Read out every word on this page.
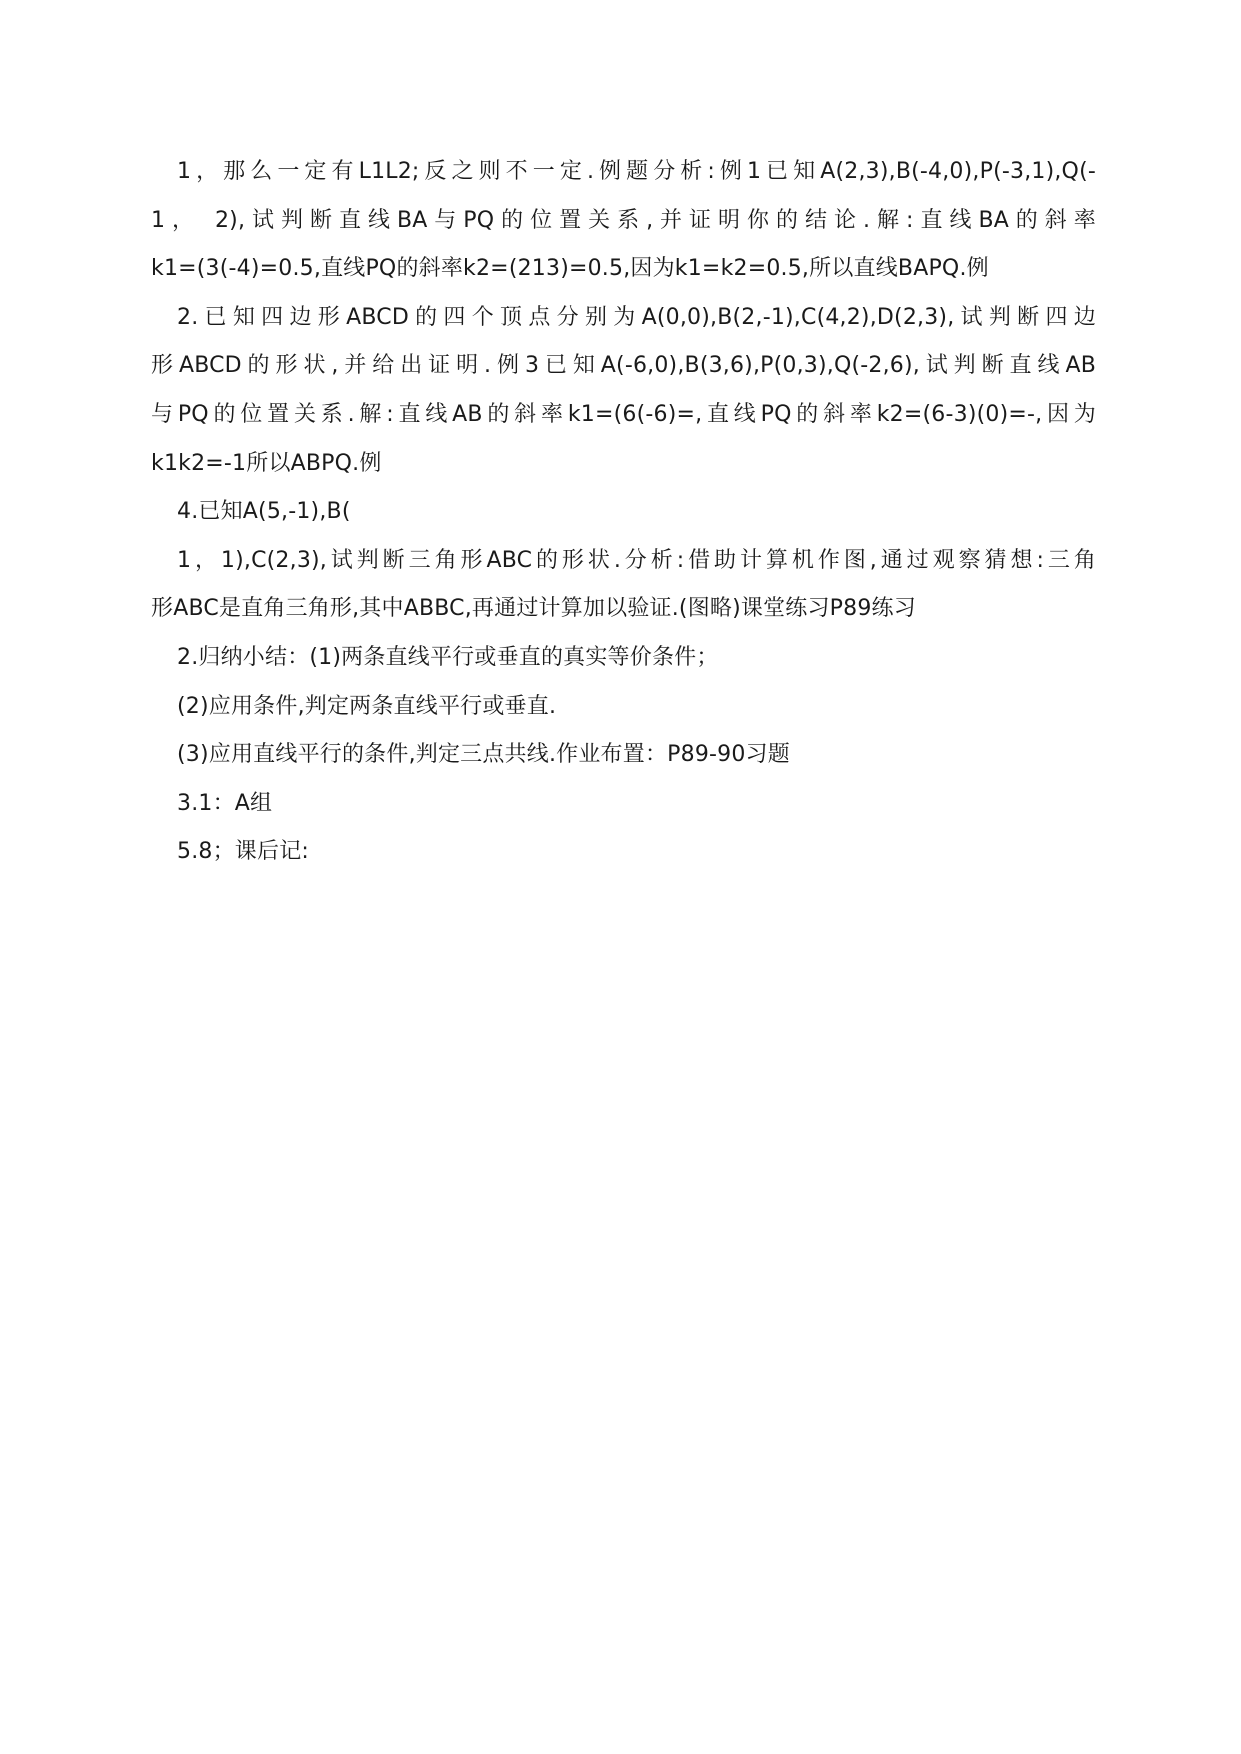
1，那么一定有L1L2;反之则不一定.例题分析:例1已知A(2,3),B(-4,0),P(-3,1),Q(-
1， 2),试判断直线BA与PQ的位置关系,并证明你的结论.解:直线BA的斜率
k1=(3(-4)=0.5,直线PQ的斜率k2=(213)=0.5,因为k1=k2=0.5,所以直线BAPQ.例
2.已知四边形ABCD的四个顶点分别为A(0,0),B(2,-1),C(4,2),D(2,3),试判断四边
形ABCD的形状,并给出证明.例3已知A(-6,0),B(3,6),P(0,3),Q(-2,6),试判断直线AB
与PQ的位置关系.解:直线AB的斜率k1=(6(-6)=,直线PQ的斜率k2=(6-3)(0)=-,因为
k1k2=-1所以ABPQ.例
4.已知A(5,-1),B(
1，1),C(2,3),试判断三角形ABC的形状.分析:借助计算机作图,通过观察猜想:三角
形ABC是直角三角形,其中ABBC,再通过计算加以验证.(图略)课堂练习P89练习
2.归纳小结：(1)两条直线平行或垂直的真实等价条件；
(2)应用条件,判定两条直线平行或垂直.
(3)应用直线平行的条件,判定三点共线.作业布置：P89-90习题
3.1：A组
5.8；课后记:
